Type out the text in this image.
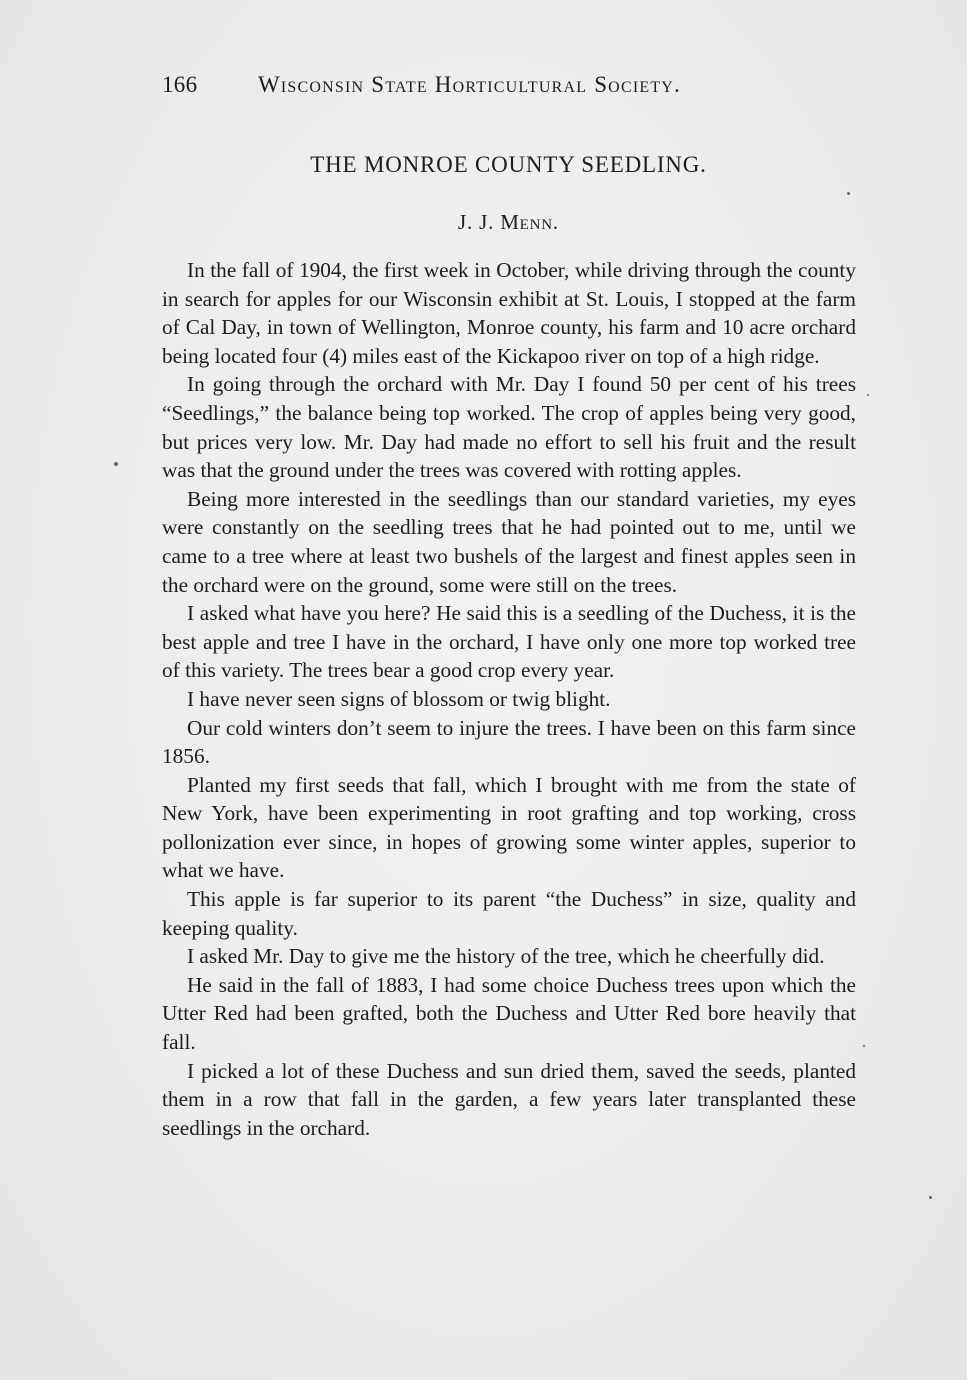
166	Wisconsin State Horticultural Society.
THE MONROE COUNTY SEEDLING.
J. J. Menn.

In the fall of 1904, the first week in October, while driving through the county in search for apples for our Wisconsin exhibit at St. Louis, I stopped at the farm of Cal Day, in town of Wellington, Monroe county, his farm and 10 acre orchard being located four (4) miles east of the Kickapoo river on top of a high ridge.

In going through the orchard with Mr. Day I found 50 per cent of his trees “Seedlings,” the balance being top worked. The crop of apples being very good, but prices very low. Mr. Day had made no effort to sell his fruit and the result was that the ground under the trees was covered with rotting apples.

Being more interested in the seedlings than our standard varieties, my eyes were constantly on the seedling trees that he had pointed out to me, until we came to a tree where at least two bushels of the largest and finest apples seen in the orchard were on the ground, some were still on the trees.

I asked what have you here? He said this is a seedling of the Duchess, it is the best apple and tree I have in the orchard, I have only one more top worked tree of this variety. The trees bear a good crop every year.

I have never seen signs of blossom or twig blight.

Our cold winters don’t seem to injure the trees. I have been on this farm since 1856.

Planted my first seeds that fall, which I brought with me from the state of New York, have been experimenting in root grafting and top working, cross pollonization ever since, in hopes of growing some winter apples, superior to what we have.

This apple is far superior to its parent “the Duchess” in size, quality and keeping quality.

I asked Mr. Day to give me the history of the tree, which he cheerfully did.

He said in the fall of 1883, I had some choice Duchess trees upon which the Utter Red had been grafted, both the Duchess and Utter Red bore heavily that fall.

I picked a lot of these Duchess and sun dried them, saved the seeds, planted them in a row that fall in the garden, a few years later transplanted these seedlings in the orchard.
